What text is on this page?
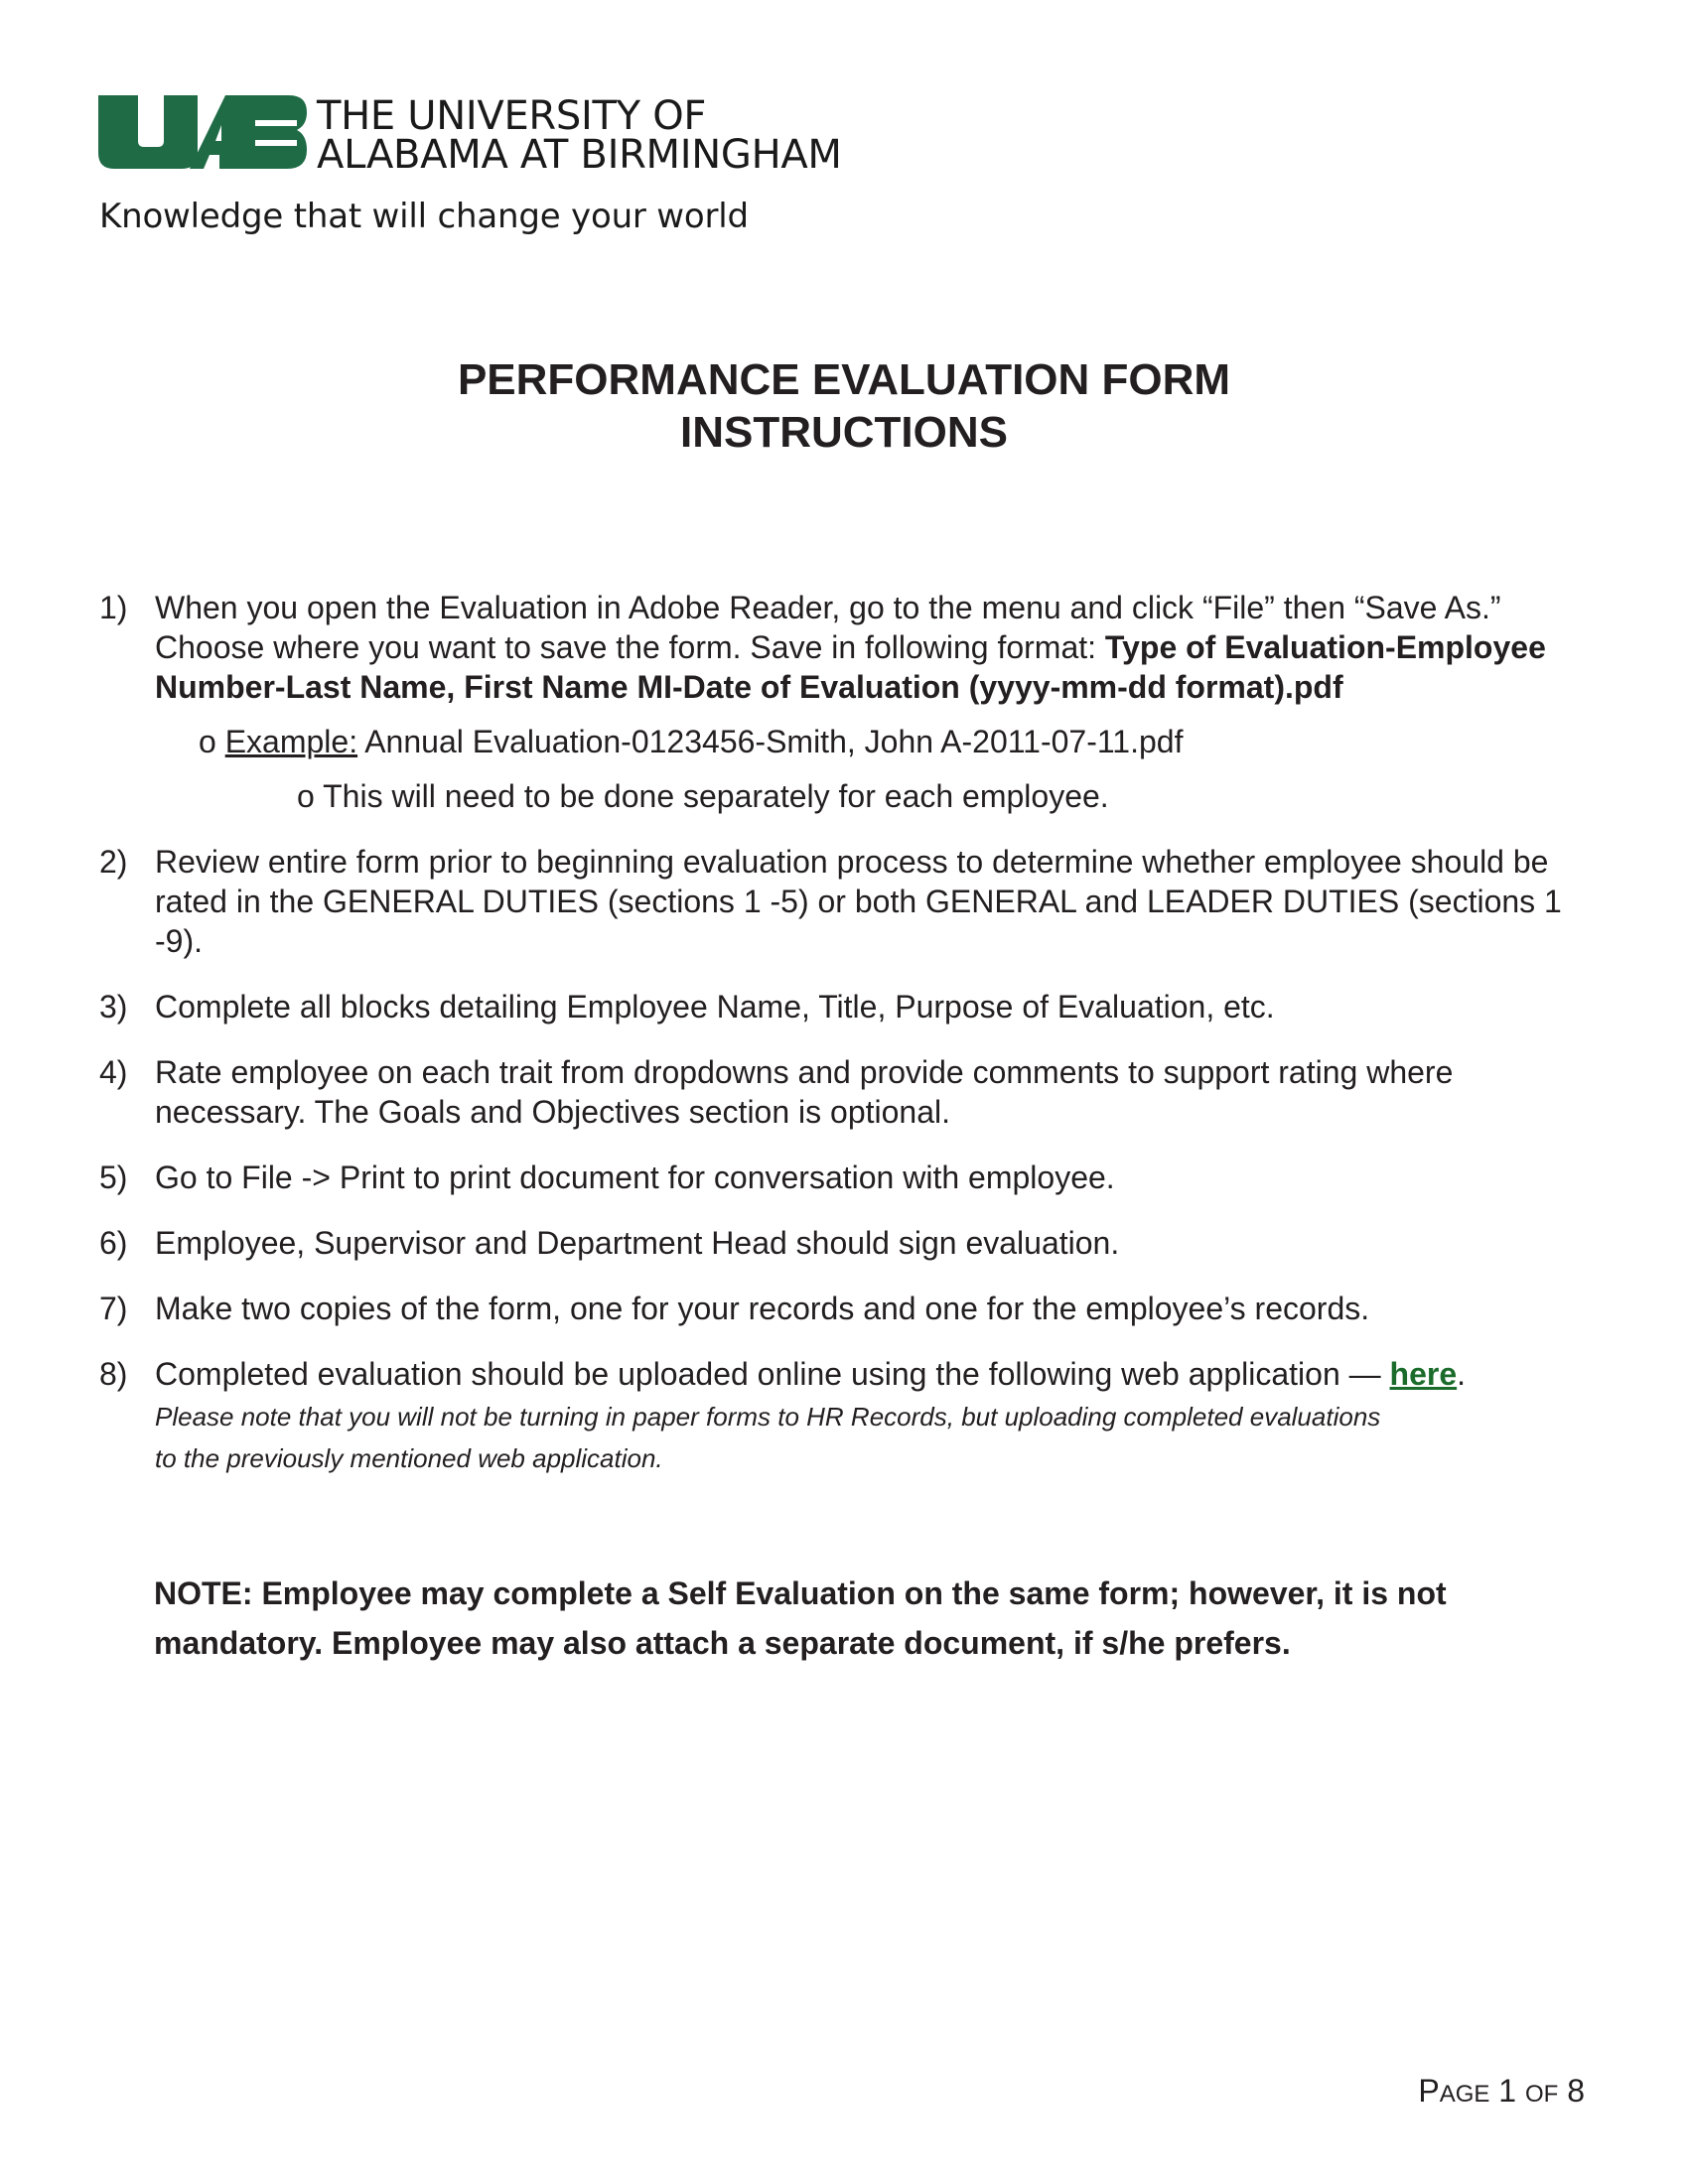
THE UNIVERSITY OF
ALABAMA AT BIRMINGHAM
Knowledge that will change your world
PERFORMANCE EVALUATION FORM
INSTRUCTIONS
1) When you open the Evaluation in Adobe Reader, go to the menu and click “File” then “Save As.” Choose where you want to save the form. Save in following format: Type of Evaluation-Employee Number-Last Name, First Name MI-Date of Evaluation (yyyy-mm-dd format).pdf
o Example: Annual Evaluation-0123456-Smith, John A-2011-07-11.pdf
o This will need to be done separately for each employee.
2) Review entire form prior to beginning evaluation process to determine whether employee should be rated in the GENERAL DUTIES (sections 1 -5) or both GENERAL and LEADER DUTIES (sections 1 -9).
3) Complete all blocks detailing Employee Name, Title, Purpose of Evaluation, etc.
4) Rate employee on each trait from dropdowns and provide comments to support rating where necessary. The Goals and Objectives section is optional.
5) Go to File -> Print to print document for conversation with employee.
6) Employee, Supervisor and Department Head should sign evaluation.
7) Make two copies of the form, one for your records and one for the employee’s records.
8) Completed evaluation should be uploaded online using the following web application — here.
Please note that you will not be turning in paper forms to HR Records, but uploading completed evaluations
to the previously mentioned web application.
NOTE: Employee may complete a Self Evaluation on the same form; however, it is not mandatory. Employee may also attach a separate document, if s/he prefers.
PAGE 1 OF 8
